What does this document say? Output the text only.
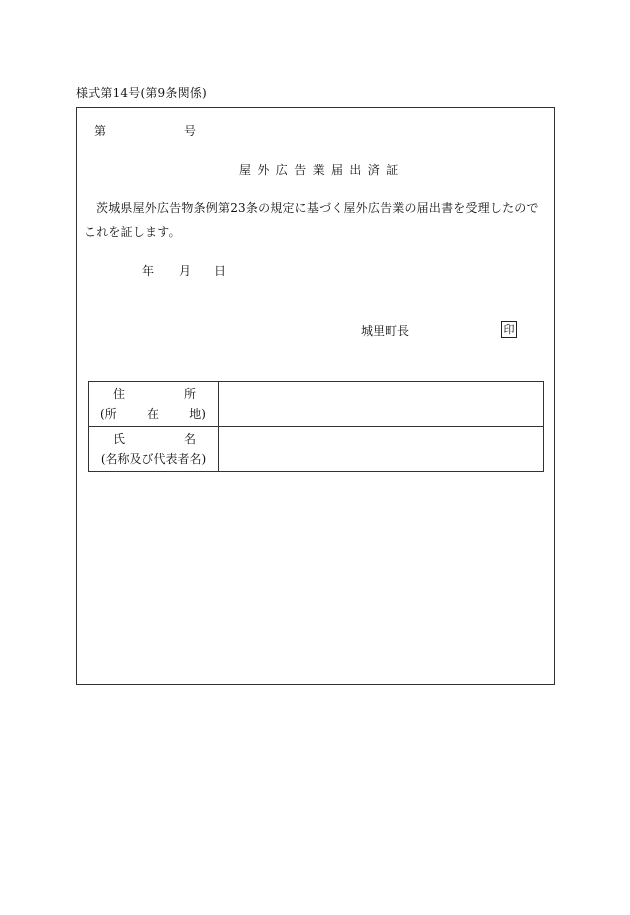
様式第14号(第9条関係)
第	号
屋外広告業届出済証
茨城県屋外広告物条例第23条の規定に基づく屋外広告業の届出書を受理したのでこれを証します。
年 月 日
城里町長	印
住 所
(所 在 地)	

氏 名
(名称及び代表者名)	
